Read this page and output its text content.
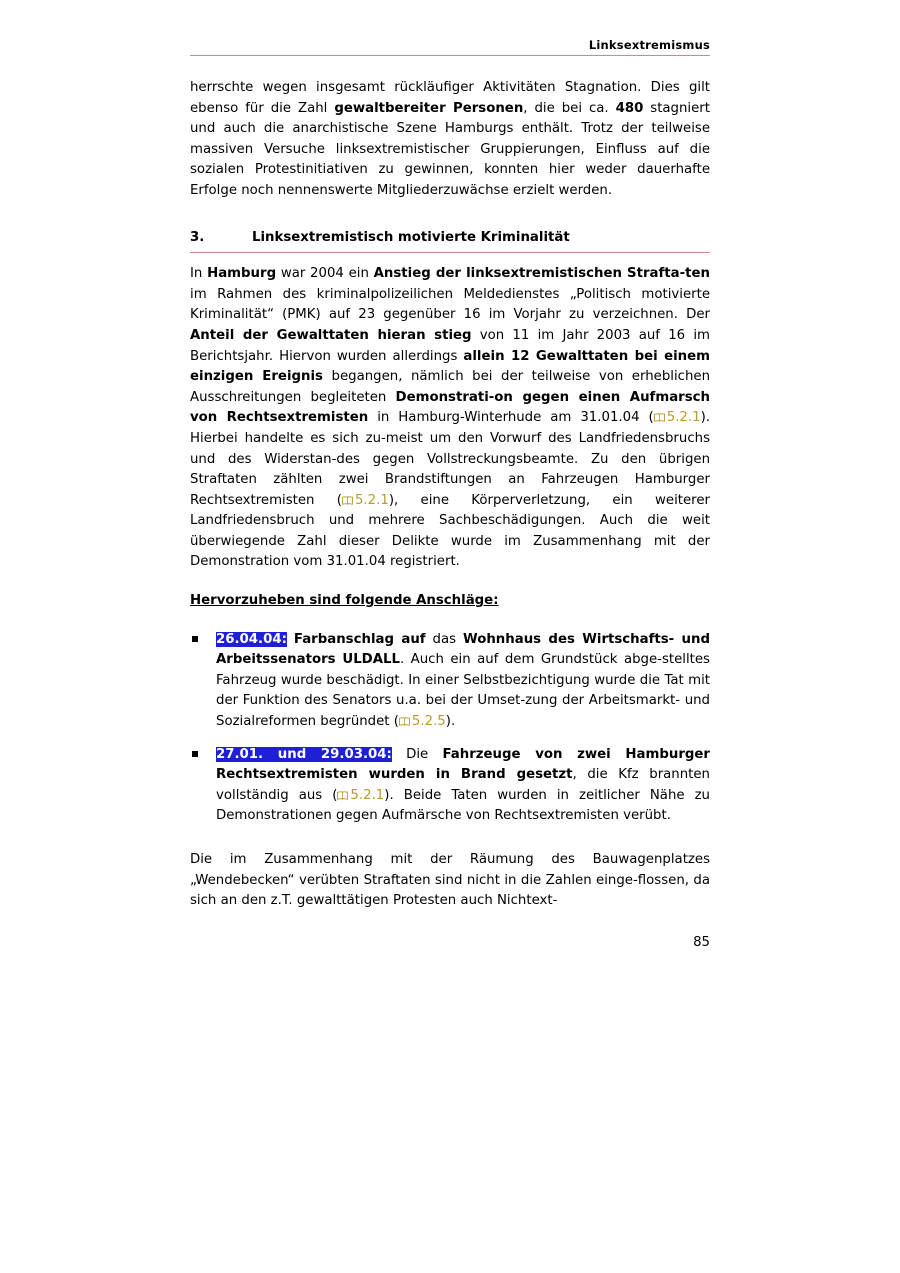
Linksextremismus

herrschte wegen insgesamt rückläufiger Aktivitäten Stagnation. Dies gilt ebenso für die Zahl gewaltbereiter Personen, die bei ca. 480 stagniert und auch die anarchistische Szene Hamburgs enthält. Trotz der teilweise massiven Versuche linksextremistischer Gruppierungen, Einfluss auf die sozialen Protestinitiativen zu gewinnen, konnten hier weder dauerhafte Erfolge noch nennenswerte Mitgliederzuwächse erzielt werden.

3.	Linksextremistisch motivierte Kriminalität

In Hamburg war 2004 ein Anstieg der linksextremistischen Strafta-ten im Rahmen des kriminalpolizeilichen Meldedienstes „Politisch motivierte Kriminalität“ (PMK) auf 23 gegenüber 16 im Vorjahr zu verzeichnen. Der Anteil der Gewalttaten hieran stieg von 11 im Jahr 2003 auf 16 im Berichtsjahr. Hiervon wurden allerdings allein 12 Gewalttaten bei einem einzigen Ereignis begangen, nämlich bei der teilweise von erheblichen Ausschreitungen begleiteten Demonstrati-on gegen einen Aufmarsch von Rechtsextremisten in Hamburg-Winterhude am 31.01.04 ( 5.2.1). Hierbei handelte es sich zu-meist um den Vorwurf des Landfriedensbruchs und des Widerstan-des gegen Vollstreckungsbeamte. Zu den übrigen Straftaten zählten zwei Brandstiftungen an Fahrzeugen Hamburger Rechtsextremisten ( 5.2.1), eine Körperverletzung, ein weiterer Landfriedensbruch und mehrere Sachbeschädigungen. Auch die weit überwiegende Zahl dieser Delikte wurde im Zusammenhang mit der Demonstration vom 31.01.04 registriert.

Hervorzuheben sind folgende Anschläge:

26.04.04: Farbanschlag auf das Wohnhaus des Wirtschafts- und Arbeitssenators ULDALL. Auch ein auf dem Grundstück abge-stelltes Fahrzeug wurde beschädigt. In einer Selbstbezichtigung wurde die Tat mit der Funktion des Senators u.a. bei der Umset-zung der Arbeitsmarkt- und Sozialreformen begründet ( 5.2.5).
27.01. und 29.03.04: Die Fahrzeuge von zwei Hamburger Rechtsextremisten wurden in Brand gesetzt, die Kfz brannten vollständig aus ( 5.2.1). Beide Taten wurden in zeitlicher Nähe zu Demonstrationen gegen Aufmärsche von Rechtsextremisten verübt.

Die im Zusammenhang mit der Räumung des Bauwagenplatzes „Wendebecken“ verübten Straftaten sind nicht in die Zahlen einge-flossen, da sich an den z.T. gewalttätigen Protesten auch Nichtext-

85
